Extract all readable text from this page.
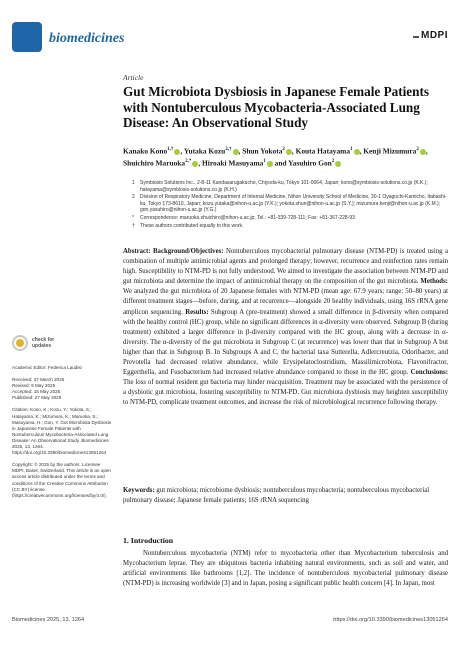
biomedicines	MDPI
Article
Gut Microbiota Dysbiosis in Japanese Female Patients with Nontuberculous Mycobacteria-Associated Lung Disease: An Observational Study
Kanako Kono$^{1,\dagger}$ , Yutaka Kozu$^{2,\dagger}$ , Shun Yokota$^2$ , Kouta Hatayama$^1$ , Kenji Mizumura$^2$ , Shuichiro Maruoka$^{2,*}$ , Hiroaki Masuyama$^1$ and Yasuhiro Gon$^2$
1 Symbiosis Solutions Inc., 2-8-11 Kandasarugakucho, Chiyoda-ku, Tokyo 101-0064, Japan; kono@symbiosis-solutions.co.jp (K.K.); hatayama@symbiosis-solutions.co.jp (K.H.)
2 Division of Respiratory Medicine, Department of Internal Medicine, Nihon University School of Medicine, 30-1 Oyaguchi-Kamicho, Itabashi-ku, Tokyo 173-8610, Japan; kozu.yutaka@nihon-u.ac.jp (Y.K.); yokota.shun@nihon-u.ac.jp (S.Y.); mizumura.kenji@nihon-u.ac.jp (K.M.); gon.yasuhiro@nihon-u.ac.jp (Y.G.)
* Correspondence: maruoka.shuichiro@nihon-u.ac.jp; Tel.: +81-339-728-111; Fax: +81-367-228-93
† These authors contributed equally to this work.
Abstract: Background/Objectives: Nontuberculous mycobacterial pulmonary disease (NTM-PD) is treated using a combination of multiple antimicrobial agents and prolonged therapy; however, recurrence and reinfection rates remain high. Susceptibility to NTM-PD is not fully understood. We aimed to investigate the association between NTM-PD and gut microbiota and determine the impact of antimicrobial therapy on the composition of the gut microbiota. Methods: We analyzed the gut microbiota of 20 Japanese females with NTM-PD (mean age: 67.9 years; range: 50–80 years) at different treatment stages—before, during, and at recurrence—alongside 20 healthy individuals, using 16S rRNA gene amplicon sequencing. Results: Subgroup A (pre-treatment) showed a small difference in β-diversity when compared with the healthy control (HC) group, while no significant differences in α-diversity were observed. Subgroup B (during treatment) exhibited a larger difference in β-diversity compared with the HC group, along with a decrease in α-diversity. The α-diversity of the gut microbiota in Subgroup C (at recurrence) was lower than that in Subgroup A but higher than that in Subgroup B. In Subgroups A and C, the bacterial taxa Sutterella, Adlercreutzia, Odoribacter, and Prevotella had decreased relative abundance, while Erysipelatoclostridium, Massilimicrobiota, Flavonifractor, Eggerthella, and Fusobacterium had increased relative abundance compared to those in the HC group. Conclusions: The loss of normal resident gut bacteria may hinder reacquisition. Treatment may be associated with the persistence of a dysbiotic gut microbiota, fostering susceptibility to NTM-PD. Gut microbiota dysbiosis may heighten susceptibility to NTM-PD, complicate treatment outcomes, and increase the risk of microbiological recurrence following therapy.
Keywords: gut microbiota; microbiome dysbiosis; nontuberculous mycobacteria; nontuberculous mycobacterial pulmonary disease; Japanese female patients; 16S rRNA sequencing
1. Introduction
Nontuberculous mycobacteria (NTM) refer to mycobacteria other than Mycobacterium tuberculosis and Mycobacterium leprae. They are ubiquitous bacteria inhabiting natural environments, such as soil and water, and artificial environments like bathrooms [1,2]. The incidence of nontuberculous mycobacterial pulmonary disease (NTM-PD) is increasing worldwide [3] and in Japan, posing a significant public health concern [4]. In Japan, most
check for
updates
Academic Editor: Federica Laudisi
Received: 27 March 2025
Revised: 9 May 2025
Accepted: 15 May 2025
Published: 27 May 2025
Citation: Kono, K.; Kozu, Y.; Yokota, S.; Hatayama, K.; Mizumura, K.; Maruoka, S.; Masuyama, H.; Gon, Y. Gut Microbiota Dysbiosis in Japanese Female Patients with Nontuberculous Mycobacteria-Associated Lung Disease: An Observational Study. Biomedicines 2025, 13, 1264. https://doi.org/10.3390/biomedicines13051264
Copyright: © 2025 by the authors. Licensee MDPI, Basel, Switzerland. This article is an open access article distributed under the terms and conditions of the Creative Commons Attribution (CC BY) license (https://creativecommons.org/licenses/by/4.0/).
Biomedicines 2025, 13, 1264	https://doi.org/10.3390/biomedicines13051264
